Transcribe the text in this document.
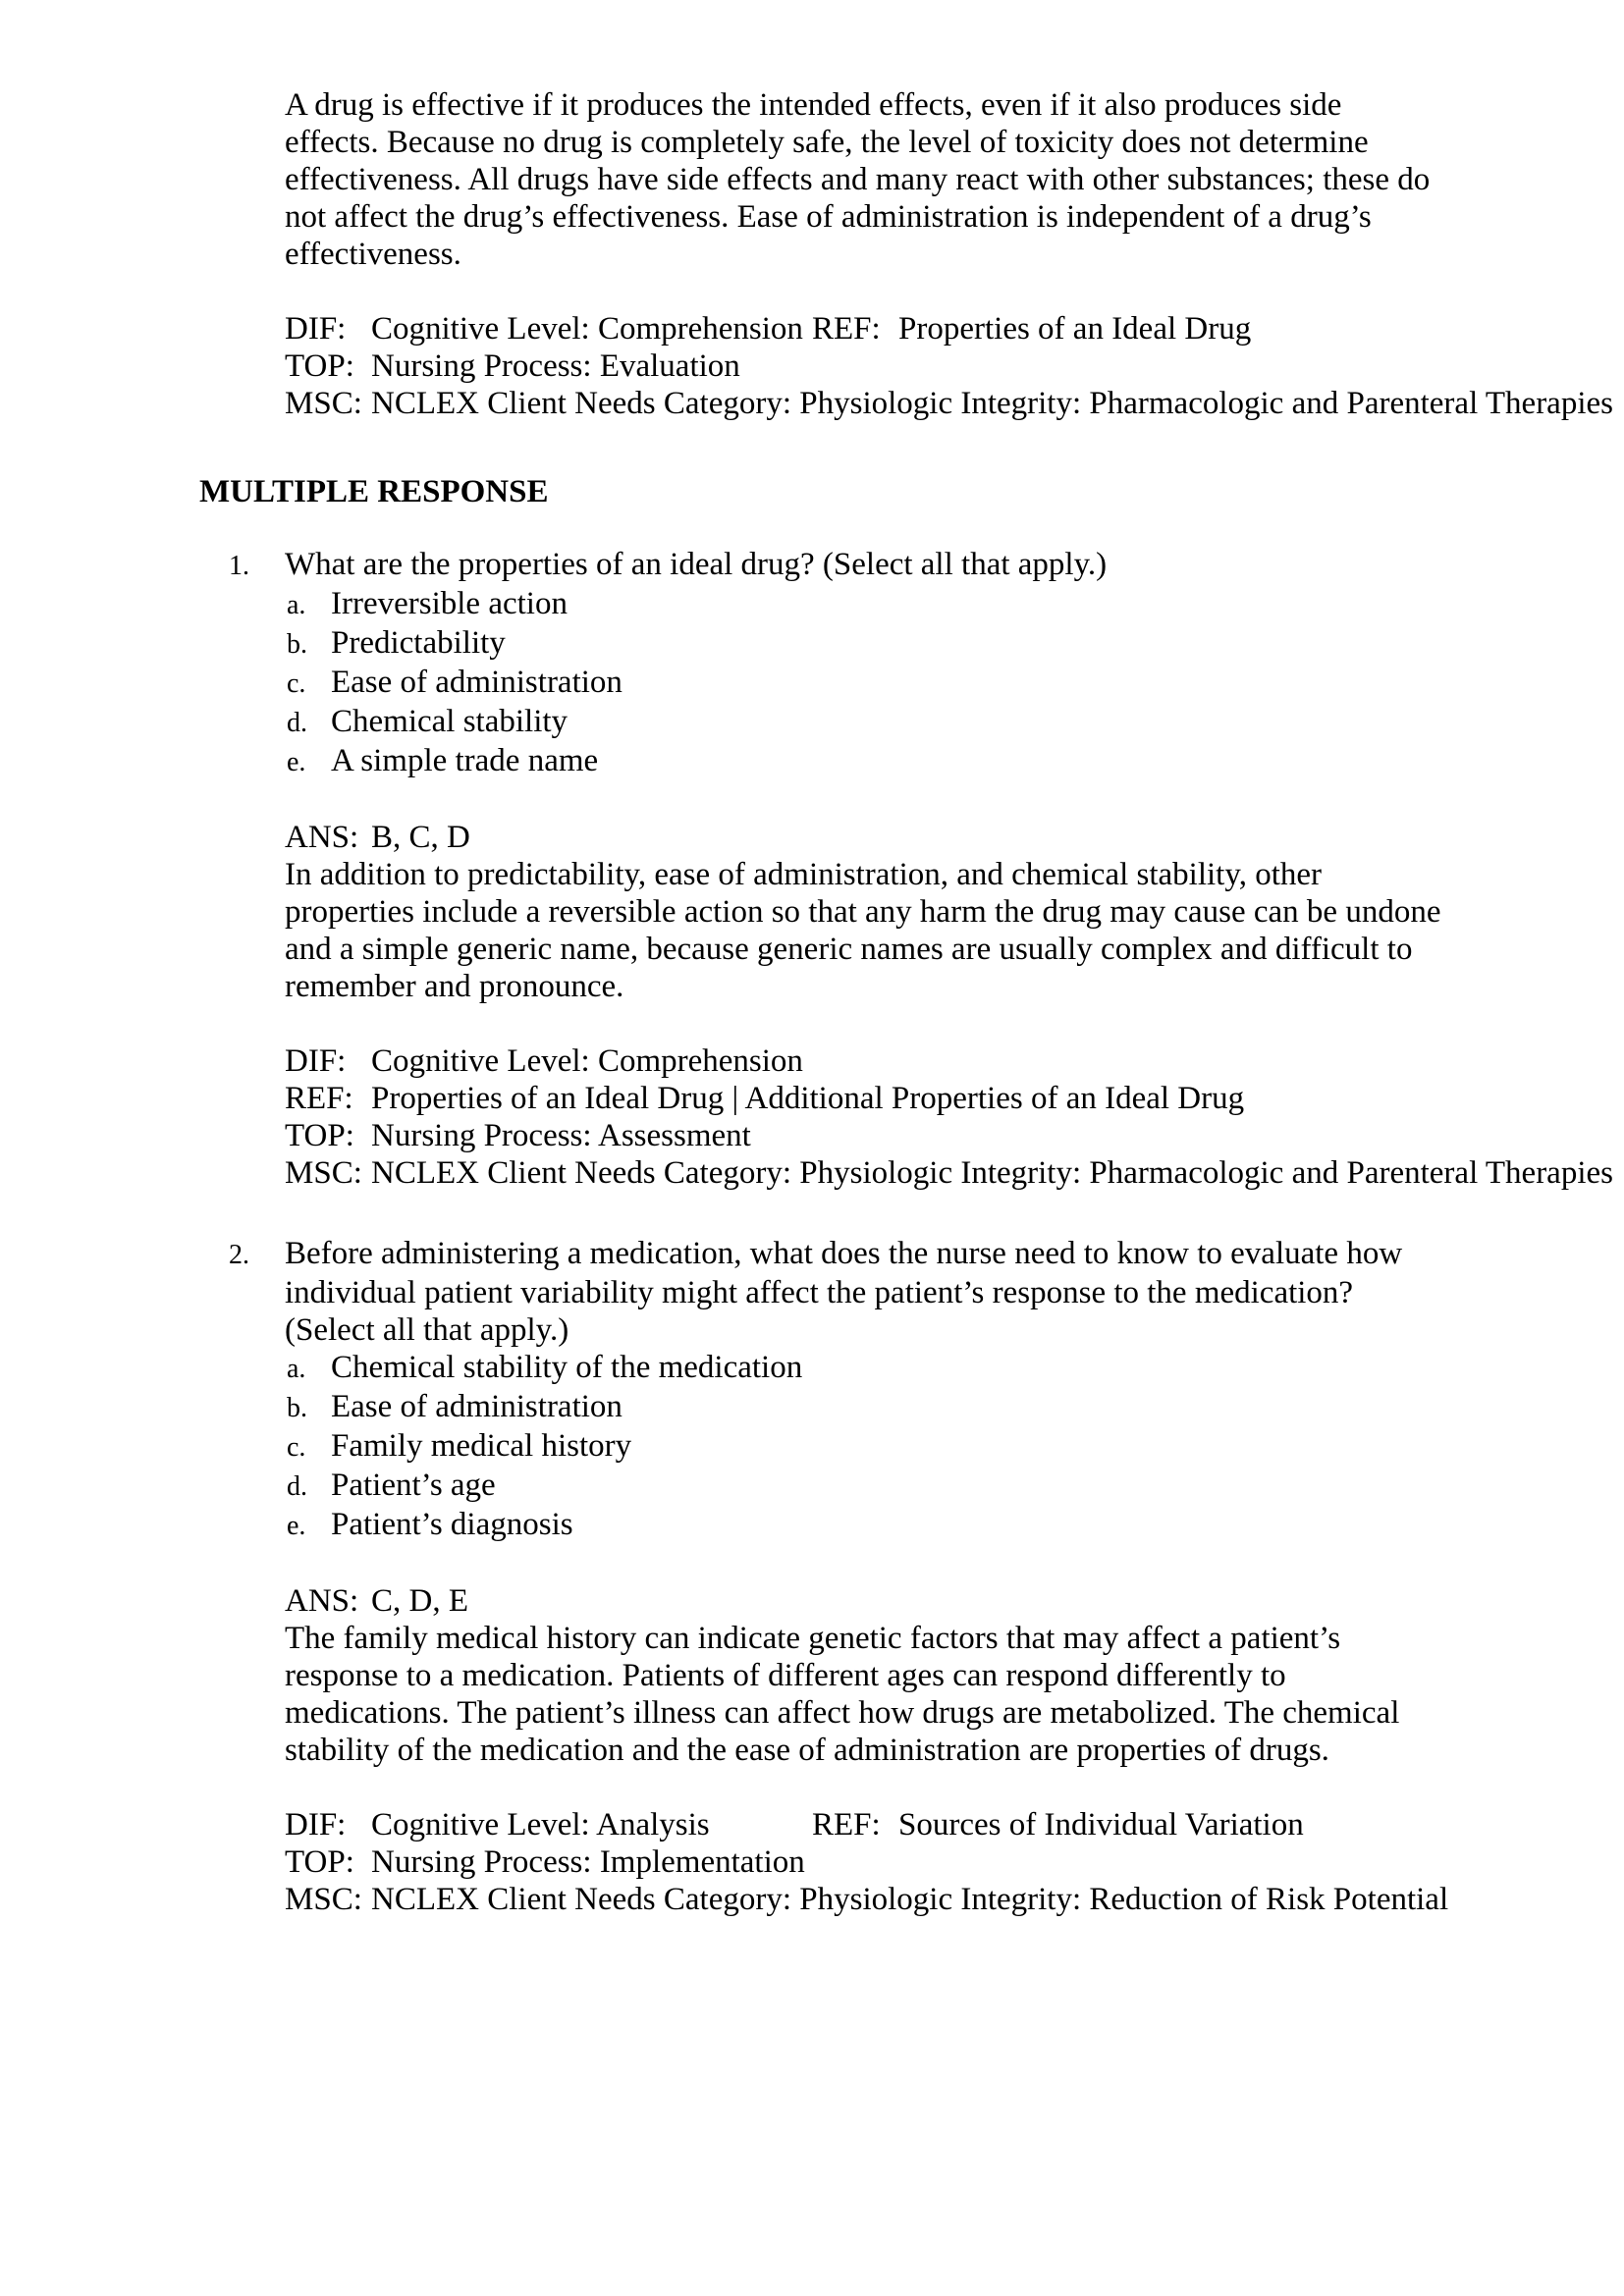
A drug is effective if it produces the intended effects, even if it also produces side effects. Because no drug is completely safe, the level of toxicity does not determine effectiveness. All drugs have side effects and many react with other substances; these do not affect the drug’s effectiveness. Ease of administration is independent of a drug’s effectiveness.

DIF: Cognitive Level: Comprehension REF: Properties of an Ideal Drug
TOP: Nursing Process: Evaluation
MSC: NCLEX Client Needs Category: Physiologic Integrity: Pharmacologic and Parenteral Therapies
MULTIPLE RESPONSE
1. What are the properties of an ideal drug? (Select all that apply.)
a. Irreversible action
b. Predictability
c. Ease of administration
d. Chemical stability
e. A simple trade name
ANS: B, C, D

In addition to predictability, ease of administration, and chemical stability, other properties include a reversible action so that any harm the drug may cause can be undone and a simple generic name, because generic names are usually complex and difficult to remember and pronounce.

DIF: Cognitive Level: Comprehension
REF: Properties of an Ideal Drug | Additional Properties of an Ideal Drug
TOP: Nursing Process: Assessment
MSC: NCLEX Client Needs Category: Physiologic Integrity: Pharmacologic and Parenteral Therapies
2. Before administering a medication, what does the nurse need to know to evaluate how individual patient variability might affect the patient’s response to the medication? (Select all that apply.)
a. Chemical stability of the medication
b. Ease of administration
c. Family medical history
d. Patient’s age
e. Patient’s diagnosis
ANS: C, D, E

The family medical history can indicate genetic factors that may affect a patient’s response to a medication. Patients of different ages can respond differently to medications. The patient’s illness can affect how drugs are metabolized. The chemical stability of the medication and the ease of administration are properties of drugs.

DIF: Cognitive Level: Analysis	REF: Sources of Individual Variation
TOP: Nursing Process: Implementation
MSC: NCLEX Client Needs Category: Physiologic Integrity: Reduction of Risk Potential
